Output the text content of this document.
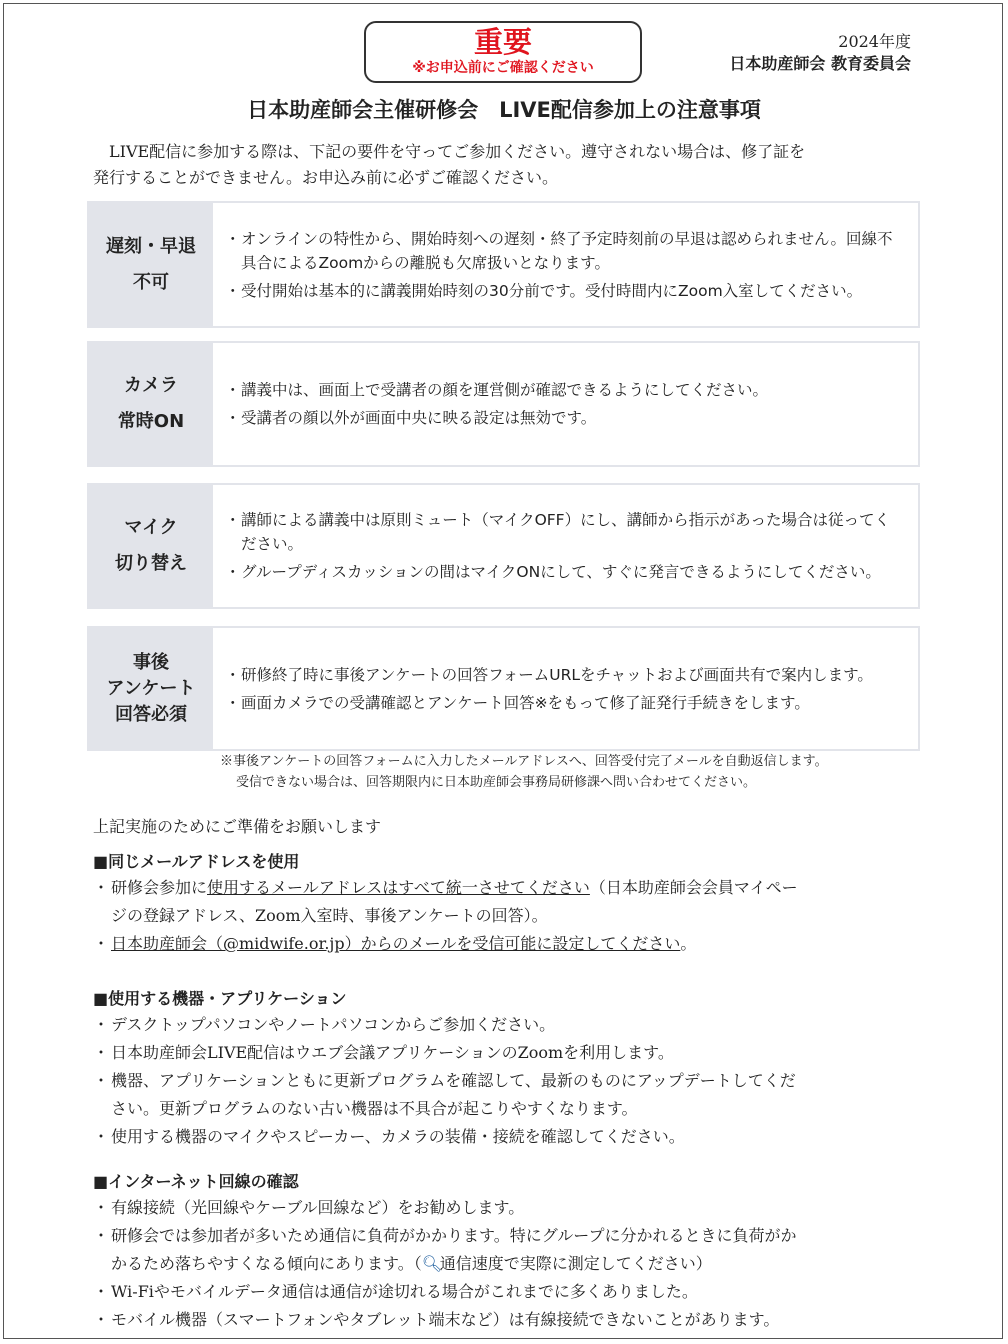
重要
※お申込前にご確認ください
2024年度
日本助産師会 教育委員会
日本助産師会主催研修会　LIVE配信参加上の注意事項
　LIVE配信に参加する際は、下記の要件を守ってご参加ください。遵守されない場合は、修了証を
発行することができません。お申込み前に必ずご確認ください。
遅刻・早退
不可
・ オンラインの特性から、開始時刻への遅刻・終了予定時刻前の早退は認められません。回線不具合によるZoomからの離脱も欠席扱いとなります。
・ 受付開始は基本的に講義開始時刻の30分前です。受付時間内にZoom入室してください。
カメラ
常時ON
・ 講義中は、画面上で受講者の顔を運営側が確認できるようにしてください。
・ 受講者の顔以外が画面中央に映る設定は無効です。
マイク
切り替え
・ 講師による講義中は原則ミュート（マイクOFF）にし、講師から指示があった場合は従ってください。
・ グループディスカッションの間はマイクONにして、すぐに発言できるようにしてください。
事後
アンケート
回答必須
・ 研修終了時に事後アンケートの回答フォームURLをチャットおよび画面共有で案内します。
・ 画面カメラでの受講確認とアンケート回答※をもって修了証発行手続きをします。
※事後アンケートの回答フォームに入力したメールアドレスへ、回答受付完了メールを自動返信します。
受信できない場合は、回答期限内に日本助産師会事務局研修課へ問い合わせてください。
上記実施のためにご準備をお願いします
■同じメールアドレスを使用
・ 研修会参加に使用するメールアドレスはすべて統一させてください（日本助産師会会員マイペー
ジの登録アドレス、Zoom入室時、事後アンケートの回答）。
・ 日本助産師会（@midwife.or.jp）からのメールを受信可能に設定してください。
■使用する機器・アプリケーション
・ デスクトップパソコンやノートパソコンからご参加ください。
・ 日本助産師会LIVE配信はウエブ会議アプリケーションのZoomを利用します。
・ 機器、アプリケーションともに更新プログラムを確認して、最新のものにアップデートしてくだ
さい。更新プログラムのない古い機器は不具合が起こりやすくなります。
・ 使用する機器のマイクやスピーカー、カメラの装備・接続を確認してください。
■インターネット回線の確認
・ 有線接続（光回線やケーブル回線など）をお勧めします。
・ 研修会では参加者が多いため通信に負荷がかかります。特にグループに分かれるときに負荷がか
かるため落ちやすくなる傾向にあります。（ 🔍︎
通信速度 で実際に測定してください）
・ Wi-Fiやモバイルデータ通信は通信が途切れる場合がこれまでに多くありました。
・ モバイル機器（スマートフォンやタブレット端末など）は有線接続できないことがあります。
